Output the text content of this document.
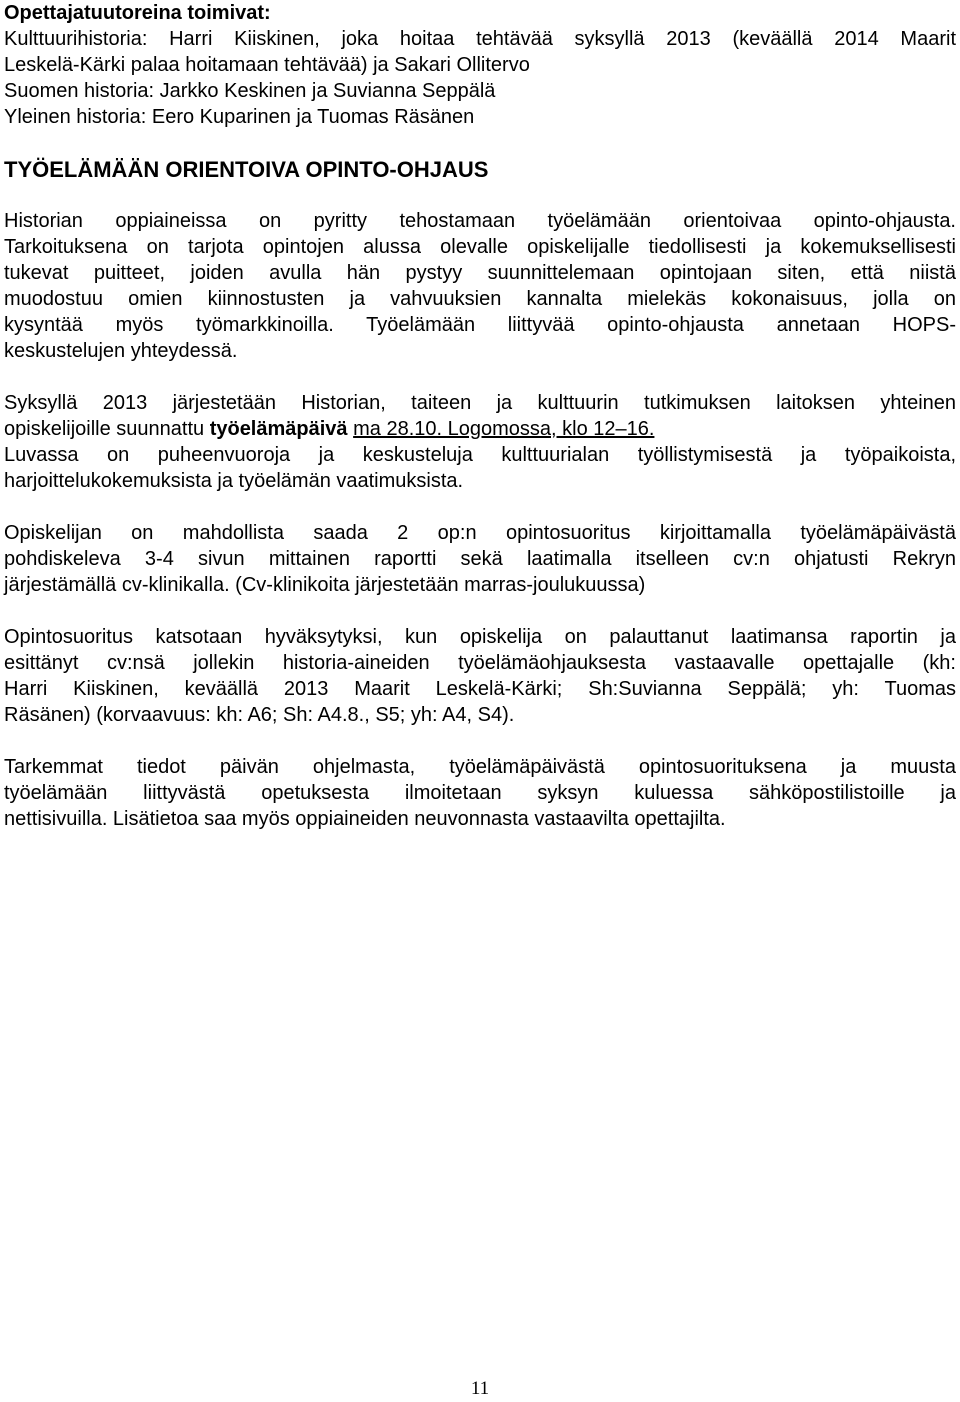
Opettajatuutoreina toimivat:
Kulttuurihistoria: Harri Kiiskinen, joka hoitaa tehtävää syksyllä 2013 (keväällä 2014 Maarit
Leskelä-Kärki palaa hoitamaan tehtävää) ja Sakari Ollitervo
Suomen historia: Jarkko Keskinen ja Suvianna Seppälä
Yleinen historia: Eero Kuparinen ja Tuomas Räsänen
TYÖELÄMÄÄN ORIENTOIVA OPINTO-OHJAUS
Historian oppiaineissa on pyritty tehostamaan työelämään orientoivaa opinto-ohjausta.
Tarkoituksena on tarjota opintojen alussa olevalle opiskelijalle tiedollisesti ja kokemuksellisesti
tukevat puitteet, joiden avulla hän pystyy suunnittelemaan opintojaan siten, että niistä
muodostuu omien kiinnostusten ja vahvuuksien kannalta mielekäs kokonaisuus, jolla on
kysyntää myös työmarkkinoilla. Työelämään liittyvää opinto-ohjausta annetaan HOPS-
keskustelujen yhteydessä.
Syksyllä 2013 järjestetään Historian, taiteen ja kulttuurin tutkimuksen laitoksen yhteinen
opiskelijoille suunnattu työelämäpäivä ma 28.10. Logomossa, klo 12–16.
Luvassa on puheenvuoroja ja keskusteluja kulttuurialan työllistymisestä ja työpaikoista,
harjoittelukokemuksista ja työelämän vaatimuksista.
Opiskelijan on mahdollista saada 2 op:n opintosuoritus kirjoittamalla työelämäpäivästä
pohdiskeleva 3-4 sivun mittainen raportti sekä laatimalla itselleen cv:n ohjatusti Rekryn
järjestämällä cv-klinikalla. (Cv-klinikoita järjestetään marras-joulukuussa)
Opintosuoritus katsotaan hyväksytyksi, kun opiskelija on palauttanut laatimansa raportin ja
esittänyt cv:nsä jollekin historia-aineiden työelämäohjauksesta vastaavalle opettajalle (kh:
Harri Kiiskinen, keväällä 2013 Maarit Leskelä-Kärki; Sh:Suvianna Seppälä; yh: Tuomas
Räsänen) (korvaavuus: kh: A6; Sh: A4.8., S5; yh: A4, S4).
Tarkemmat tiedot päivän ohjelmasta, työelämäpäivästä opintosuorituksena ja muusta
työelämään liittyvästä opetuksesta ilmoitetaan syksyn kuluessa sähköpostilistoille ja
nettisivuilla. Lisätietoa saa myös oppiaineiden neuvonnasta vastaavilta opettajilta.
11
